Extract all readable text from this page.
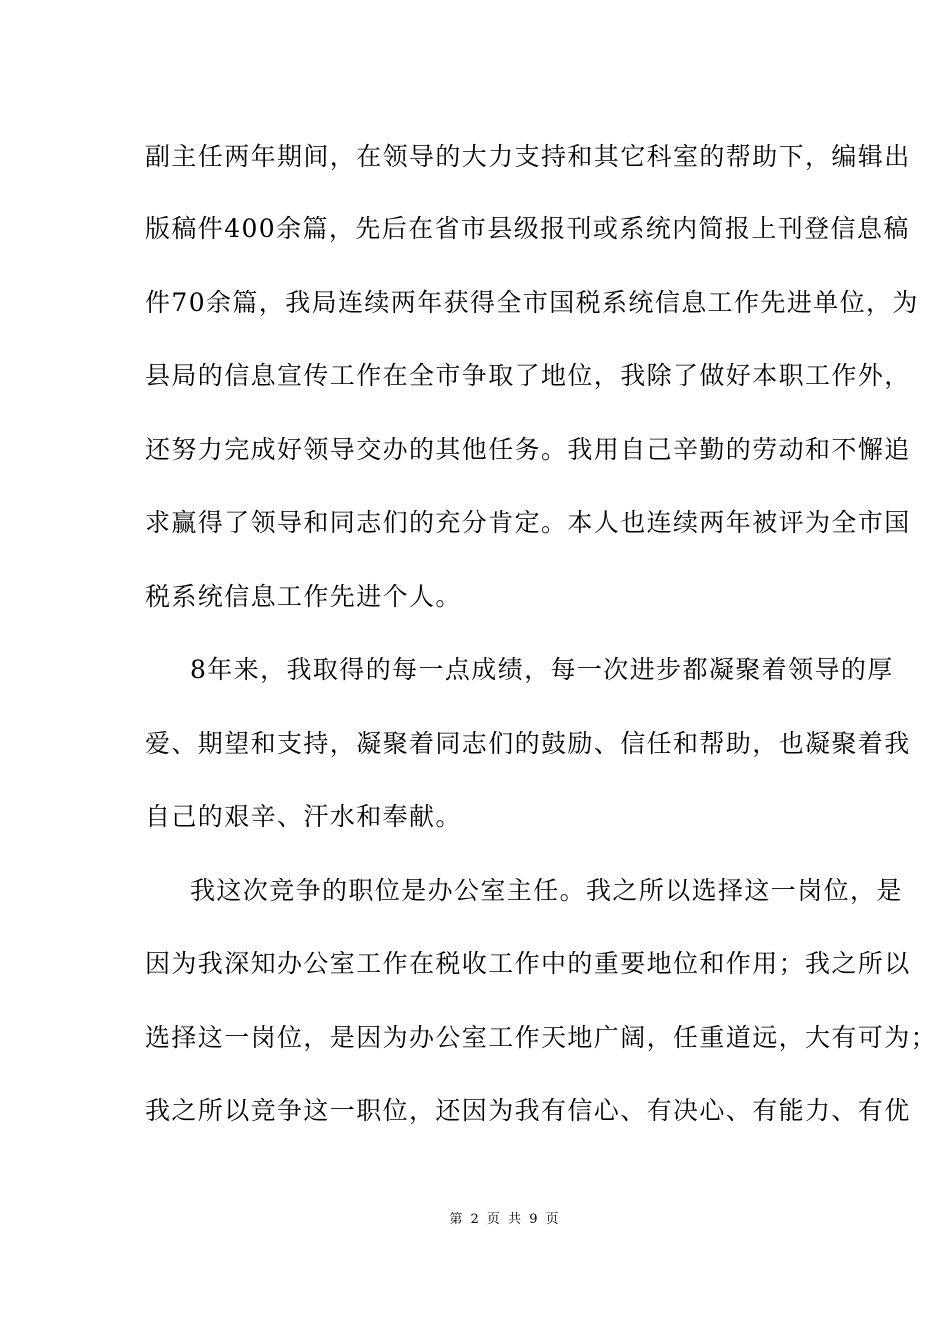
副主任两年期间，在领导的大力支持和其它科室的帮助下，编辑出
版稿件400余篇，先后在省市县级报刊或系统内简报上刊登信息稿
件70余篇，我局连续两年获得全市国税系统信息工作先进单位，为
县局的信息宣传工作在全市争取了地位，我除了做好本职工作外，
还努力完成好领导交办的其他任务。我用自己辛勤的劳动和不懈追
求赢得了领导和同志们的充分肯定。本人也连续两年被评为全市国
税系统信息工作先进个人。
8年来，我取得的每一点成绩，每一次进步都凝聚着领导的厚
爱、期望和支持，凝聚着同志们的鼓励、信任和帮助，也凝聚着我
自己的艰辛、汗水和奉献。
我这次竞争的职位是办公室主任。我之所以选择这一岗位，是
因为我深知办公室工作在税收工作中的重要地位和作用；我之所以
选择这一岗位，是因为办公室工作天地广阔，任重道远，大有可为；
我之所以竞争这一职位，还因为我有信心、有决心、有能力、有优
第 2 页 共 9 页
